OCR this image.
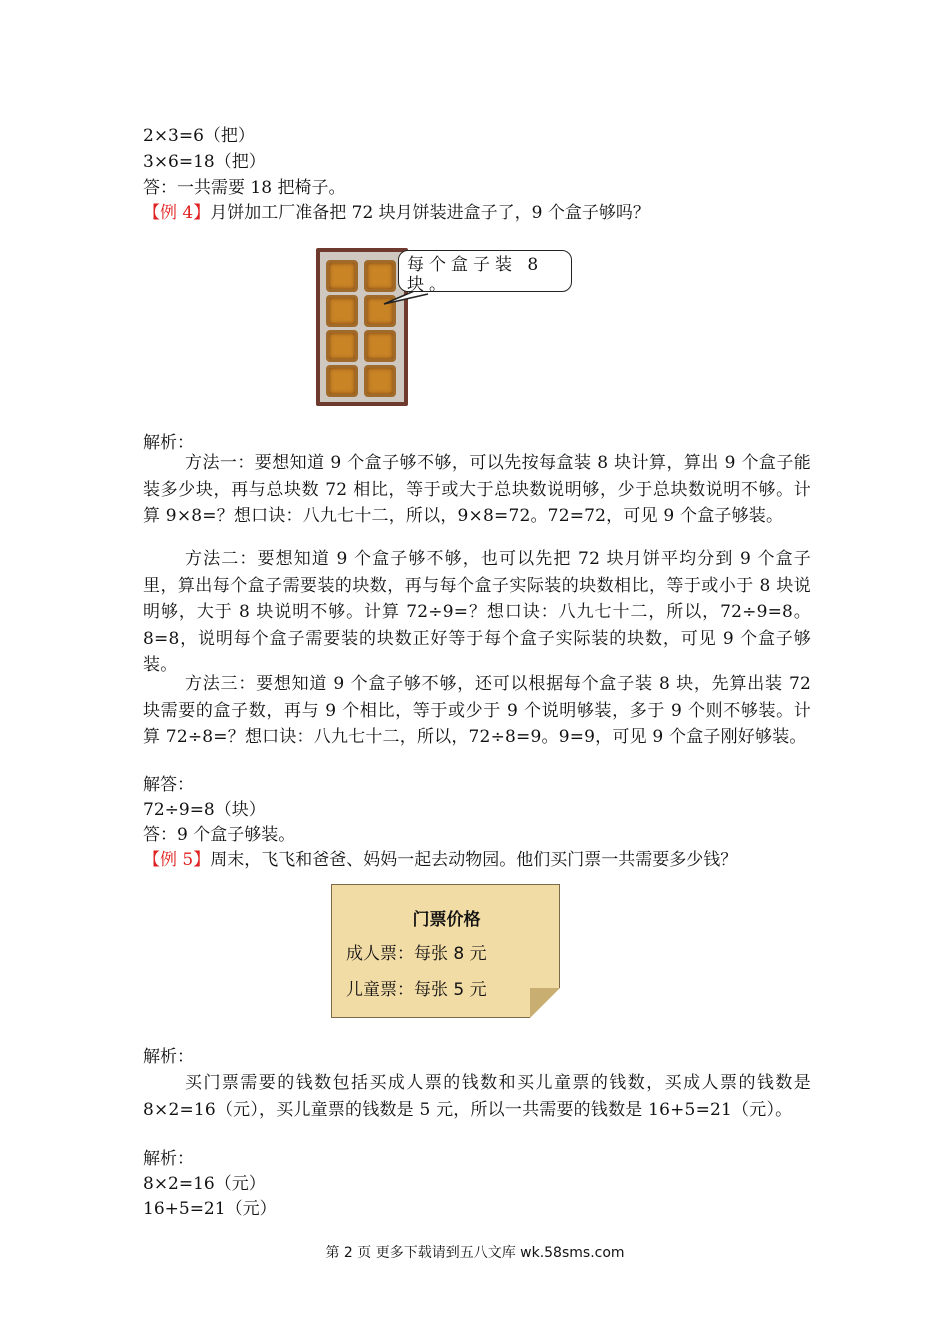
2×3=6（把）
3×6=18（把）
答：一共需要 18 把椅子。
【例 4】月饼加工厂准备把 72 块月饼装进盒子了，9 个盒子够吗？
每个盒子装 8 块。
解析：
方法一：要想知道 9 个盒子够不够，可以先按每盒装 8 块计算，算出 9 个盒子能装多少块，再与总块数 72 相比，等于或大于总块数说明够，少于总块数说明不够。计算 9×8=？想口诀：八九七十二，所以，9×8=72。72=72，可见 9 个盒子够装。
方法二：要想知道 9 个盒子够不够，也可以先把 72 块月饼平均分到 9 个盒子里，算出每个盒子需要装的块数，再与每个盒子实际装的块数相比，等于或小于 8 块说明够，大于 8 块说明不够。计算 72÷9=？想口诀：八九七十二，所以，72÷9=8。8=8，说明每个盒子需要装的块数正好等于每个盒子实际装的块数，可见 9 个盒子够装。
方法三：要想知道 9 个盒子够不够，还可以根据每个盒子装 8 块，先算出装 72 块需要的盒子数，再与 9 个相比，等于或少于 9 个说明够装，多于 9 个则不够装。计算 72÷8=？想口诀：八九七十二，所以，72÷8=9。9=9，可见 9 个盒子刚好够装。
解答：
72÷9=8（块）
答：9 个盒子够装。
【例 5】周末，飞飞和爸爸、妈妈一起去动物园。他们买门票一共需要多少钱？
门票价格
成人票：每张 8 元
儿童票：每张 5 元
解析：
买门票需要的钱数包括买成人票的钱数和买儿童票的钱数，买成人票的钱数是 8×2=16（元），买儿童票的钱数是 5 元，所以一共需要的钱数是 16+5=21（元）。
解析：
8×2=16（元）
16+5=21（元）
第 2 页 更多下载请到五八文库 wk.58sms.com
